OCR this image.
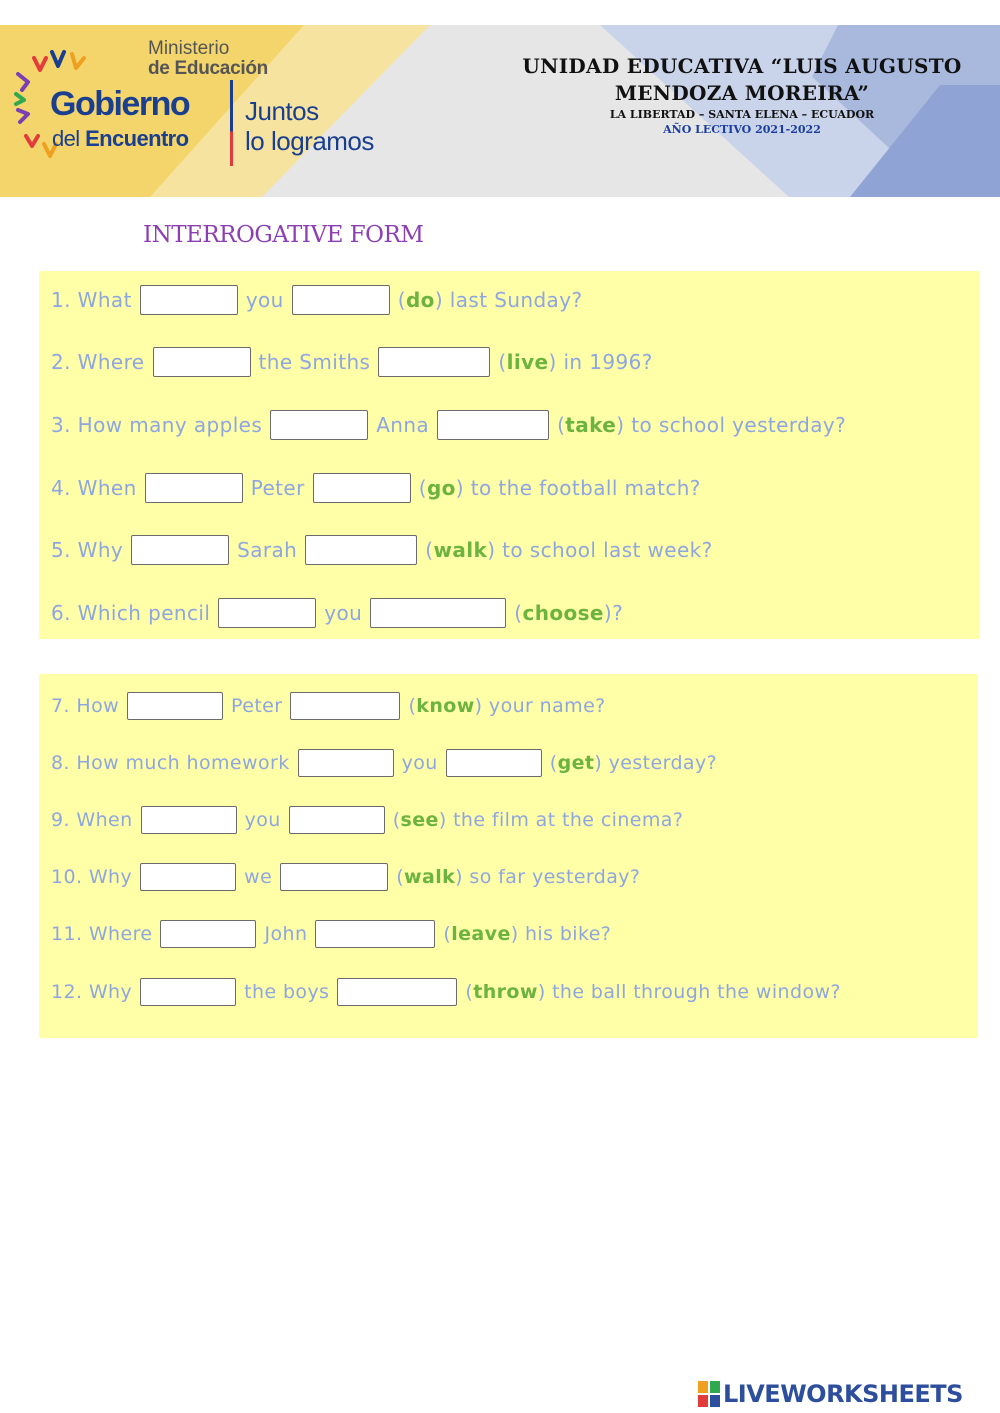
Ministerio
de Educación
Gobierno
del Encuentro
Juntos
lo logramos
UNIDAD EDUCATIVA “LUIS AUGUSTO
MENDOZA MOREIRA”
LA LIBERTAD – SANTA ELENA – ECUADOR
AÑO LECTIVO 2021-2022
INTERROGATIVE FORM
1.
What	you	( do ) last Sunday?
2.
Where	the Smiths	( live ) in 1996?
3.
How many apples	Anna	( take ) to school yesterday?
4.
When	Peter	( go ) to the football match?
5.
Why	Sarah	( walk ) to school last week?
6.
Which pencil	you	( choose )?
7.
How	Peter	( know ) your name?
8.
How much homework	you	( get ) yesterday?
9.
When	you	( see ) the film at the cinema?
10.
Why	we	( walk ) so far yesterday?
11.
Where	John	( leave ) his bike?
12.
Why	the boys	( throw ) the ball through the window?
LIVEWORKSHEETS
